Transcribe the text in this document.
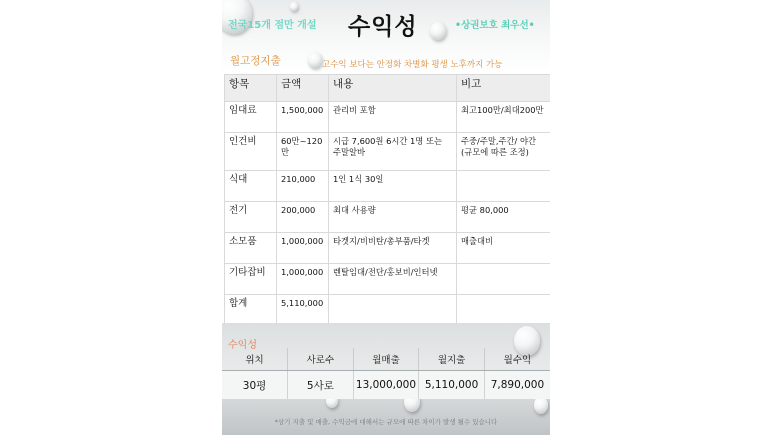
전국15개 점만 개설 수익성	•상권보호 최우선•
월고정지출	고수익 보다는 안정화 차별화 평생 노후까지 가능
항목	금액	내용	비고
임대료	1,500,000	관리비 포함	최고100만/최대200만
인건비	60만~120만	시급 7,600원 6시간 1명 또는 주말알바	주중/주말,주간/ 야간 (규모에 따른 조정)
식대	210,000	1인 1식 30일	
전기	200,000	최대 사용량	평균 80,000
소모품	1,000,000	타겟지/비비탄/총부품/타겟	매출대비
기타잡비	1,000,000	렌탈임대/전단/홍보비/인터넷	
합계	5,110,000		
수익성
위치	사로수	월매출	월지출	월수익
30평	5사로	13,000,000	5,110,000	7,890,000
*상기 지출 및 매출, 수익금에 대해서는 규모에 따른 차이가 발생 될수 있습니다
